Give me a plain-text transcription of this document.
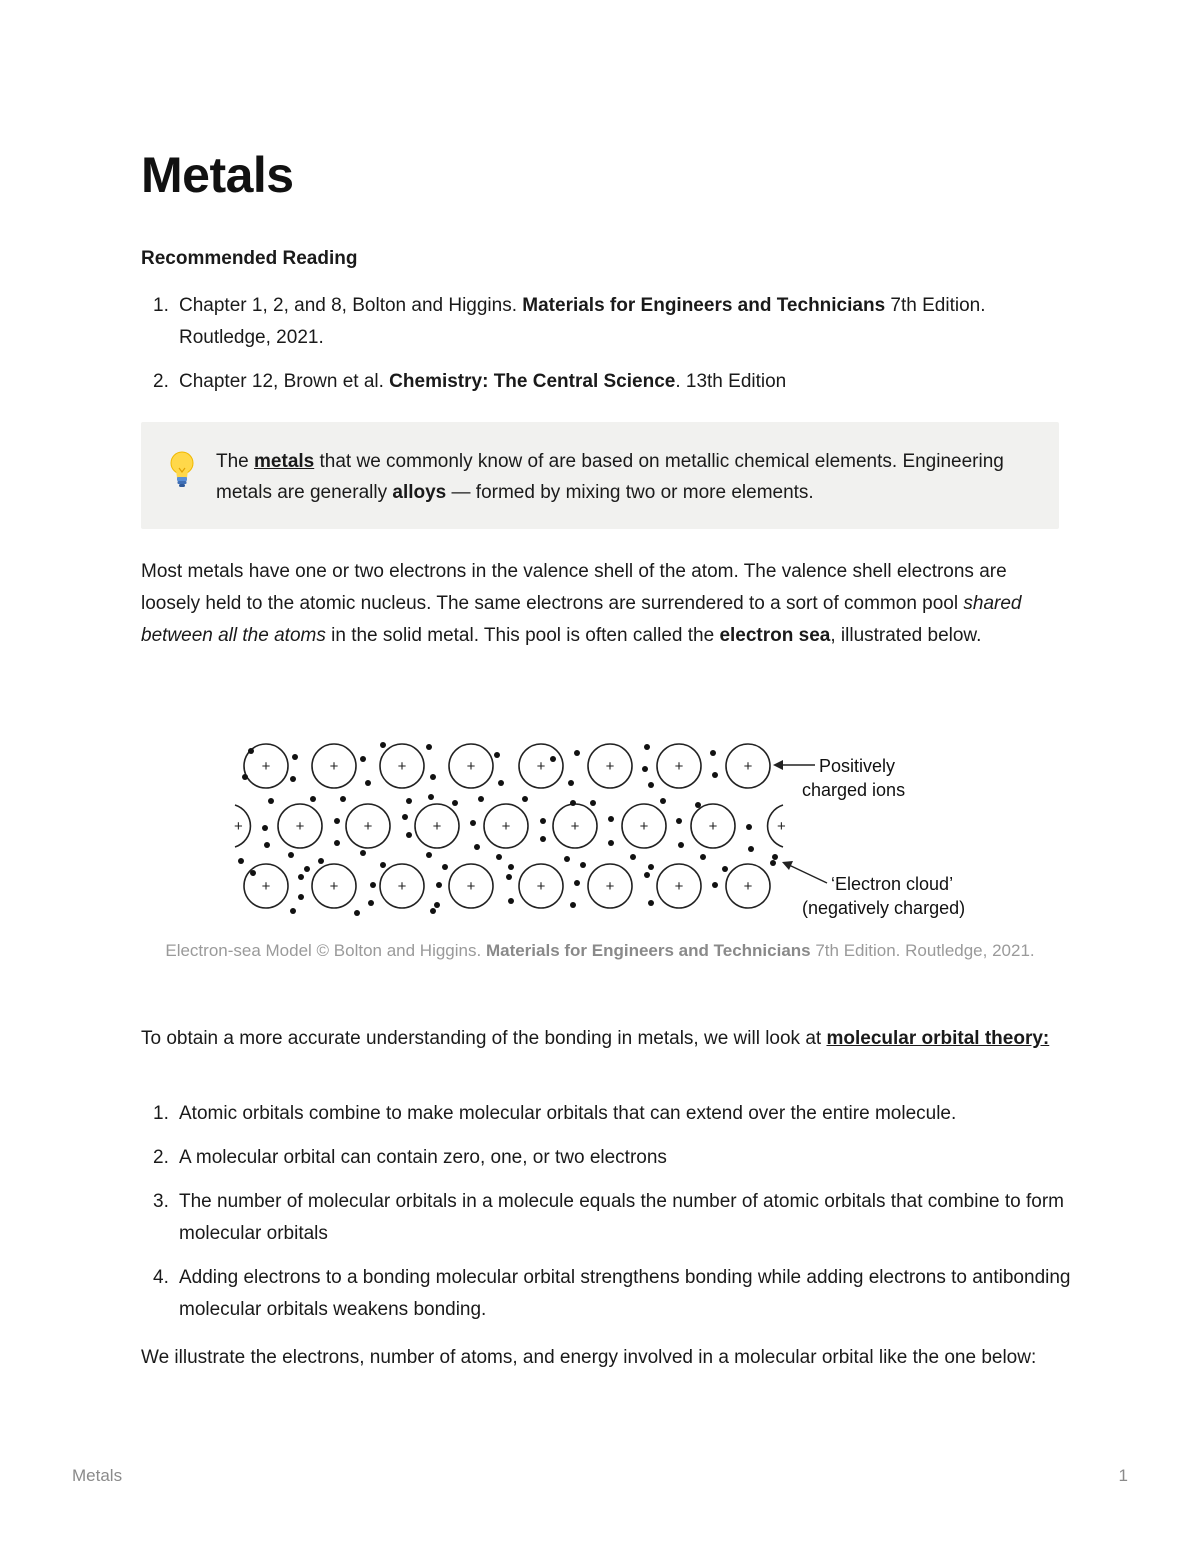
Metals
Recommended Reading
1. Chapter 1, 2, and 8, Bolton and Higgins. Materials for Engineers and Technicians 7th Edition. Routledge, 2021.
2. Chapter 12, Brown et al. Chemistry: The Central Science. 13th Edition
The metals that we commonly know of are based on metallic chemical elements. Engineering metals are generally alloys — formed by mixing two or more elements.

Most metals have one or two electrons in the valence shell of the atom. The valence shell electrons are loosely held to the atomic nucleus. The same electrons are surrendered to a sort of common pool shared between all the atoms in the solid metal. This pool is often called the electron sea, illustrated below.

+	+	+	+	+	+	+	+
+	+	+	+	+	+	+
+	+	+	+	+	+	+	+
+	+
Positively
charged ions
‘Electron cloud’
(negatively charged)
Electron-sea Model © Bolton and Higgins. Materials for Engineers and Technicians 7th Edition. Routledge, 2021.

To obtain a more accurate understanding of the bonding in metals, we will look at molecular orbital theory:

1. Atomic orbitals combine to make molecular orbitals that can extend over the entire molecule.
2. A molecular orbital can contain zero, one, or two electrons
3. The number of molecular orbitals in a molecule equals the number of atomic orbitals that combine to form molecular orbitals
4. Adding electrons to a bonding molecular orbital strengthens bonding while adding electrons to antibonding molecular orbitals weakens bonding.

We illustrate the electrons, number of atoms, and energy involved in a molecular orbital like the one below:

Metals	1
